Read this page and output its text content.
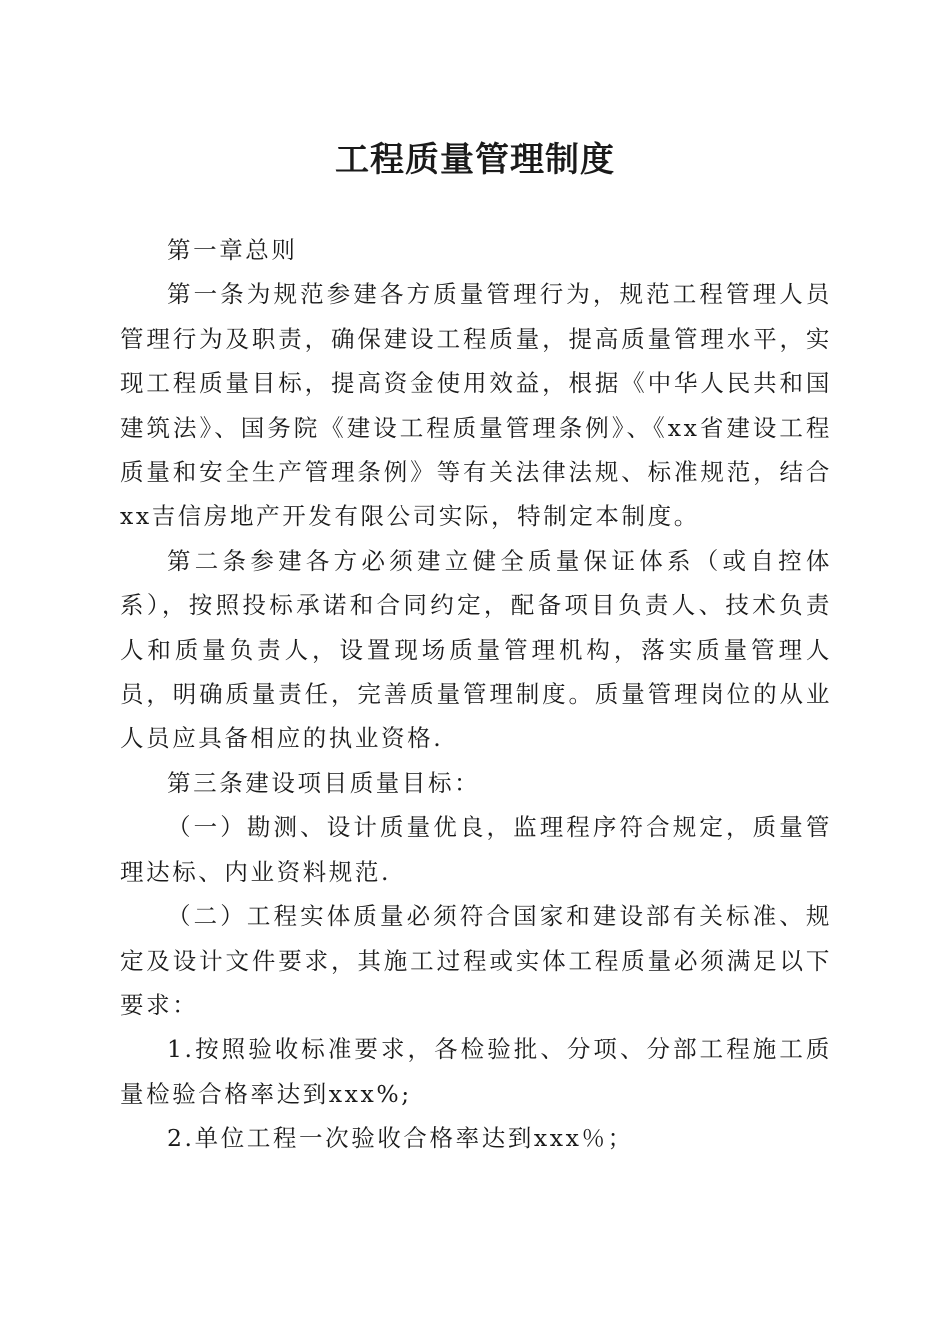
工程质量管理制度

第一章总则

第一条为规范参建各方质量管理行为，规范工程管理人员管理行为及职责，确保建设工程质量，提高质量管理水平，实现工程质量目标，提高资金使用效益，根据《中华人民共和国建筑法》、国务院《建设工程质量管理条例》、《xx省建设工程质量和安全生产管理条例》等有关法律法规、标准规范，结合xx吉信房地产开发有限公司实际，特制定本制度。

第二条参建各方必须建立健全质量保证体系（或自控体系），按照投标承诺和合同约定，配备项目负责人、技术负责人和质量负责人，设置现场质量管理机构，落实质量管理人员，明确质量责任，完善质量管理制度。质量管理岗位的从业人员应具备相应的执业资格.

第三条建设项目质量目标：

（一）勘测、设计质量优良，监理程序符合规定，质量管理达标、内业资料规范.

（二）工程实体质量必须符合国家和建设部有关标准、规定及设计文件要求，其施工过程或实体工程质量必须满足以下要求：

1.按照验收标准要求，各检验批、分项、分部工程施工质量检验合格率达到xxx%;

2.单位工程一次验收合格率达到xxx％；
